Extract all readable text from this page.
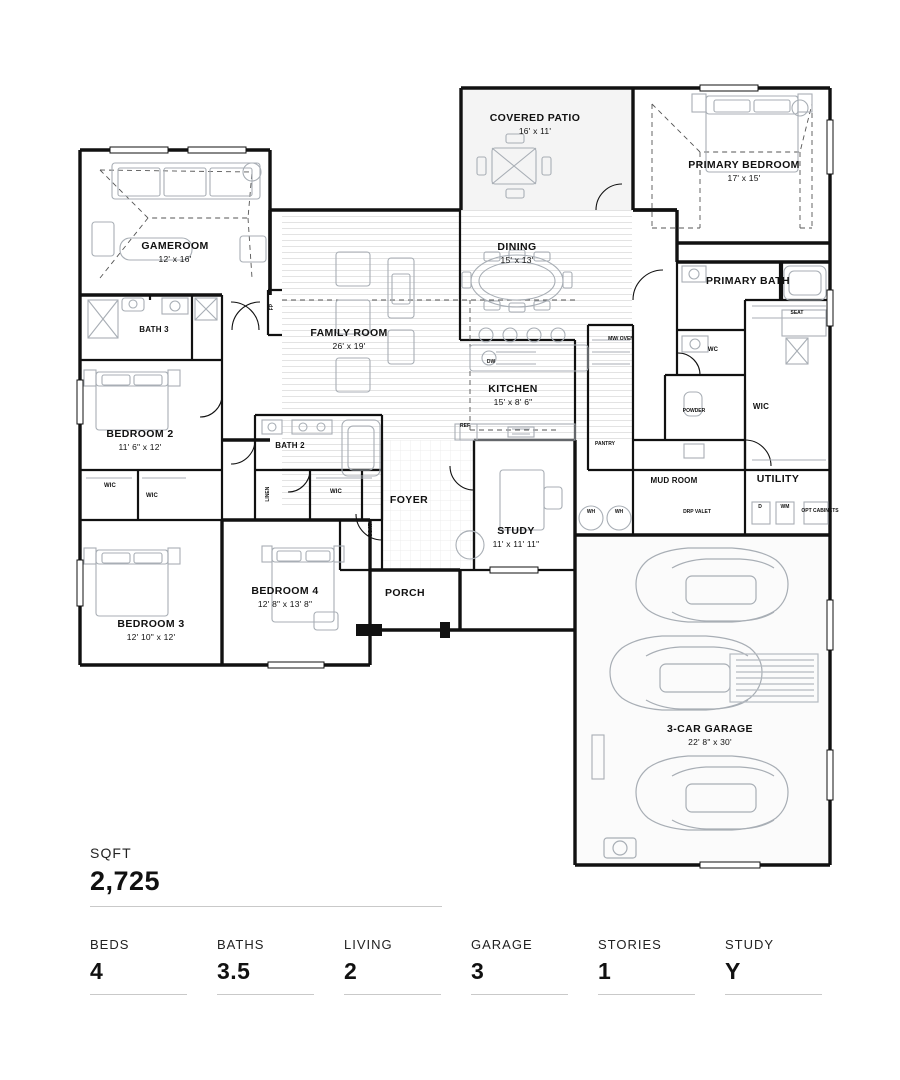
COVERED PATIO
16' x 11'
PRIMARY BEDROOM
17' x 15'
GAMEROOM
12' x 16'
DINING
15' x 13'
PRIMARY BATH
BATH 3	FAMILY ROOM
26' x 19'
SEAT
WC
KITCHEN
15' x 8' 6"
MW/ OVEN
DW
POWDER	WIC
BEDROOM 2
11' 6" x 12'	BATH 2
REF
PANTRY
MUD ROOM	UTILITY
WIC
WIC
WIC
LINEN	FOYER
WH	WH	DRP VALET
D	WM
OPT CABINETS
STUDY
11' x 11' 11"
COAT
BEDROOM 4
12' 8" x 13' 8"
PORCH
BEDROOM 3
12' 10" x 12'
3-CAR GARAGE
22' 8" x 30'
FP
SQFT
2,725
BEDS
4
BATHS
3.5
LIVING
2
GARAGE
3
STORIES
1
STUDY
Y
